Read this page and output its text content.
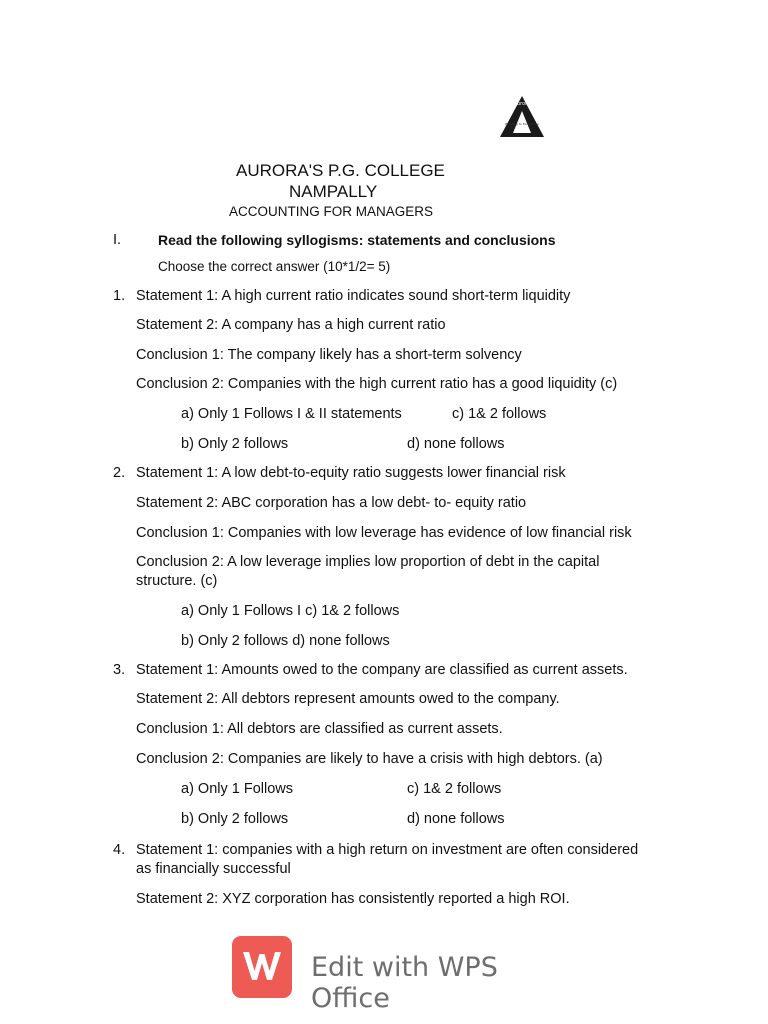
aurora
Bridging to Excellence
AURORA'S P.G. COLLEGE
NAMPALLY
ACCOUNTING FOR MANAGERS
I.	Read the following syllogisms: statements and conclusions
Choose the correct answer (10*1/2= 5)
1. Statement 1: A high current ratio indicates sound short-term liquidity
Statement 2: A company has a high current ratio
Conclusion 1: The company likely has a short-term solvency
Conclusion 2: Companies with the high current ratio has a good liquidity (c)
a) Only 1 Follows I & II statements	c) 1& 2 follows
b) Only 2 follows	d) none follows
2. Statement 1: A low debt-to-equity ratio suggests lower financial risk
Statement 2: ABC corporation has a low debt- to- equity ratio
Conclusion 1: Companies with low leverage has evidence of low financial risk
Conclusion 2: A low leverage implies low proportion of debt in the capital
structure. (c)
a) Only 1 Follows I c) 1& 2 follows
b) Only 2 follows d) none follows
3. Statement 1: Amounts owed to the company are classified as current assets.
Statement 2: All debtors represent amounts owed to the company.
Conclusion 1: All debtors are classified as current assets.
Conclusion 2: Companies are likely to have a crisis with high debtors. (a)
a) Only 1 Follows	c) 1& 2 follows
b) Only 2 follows	d) none follows
4. Statement 1: companies with a high return on investment are often considered
as financially successful
Statement 2: XYZ corporation has consistently reported a high ROI.
Edit with WPS Office
